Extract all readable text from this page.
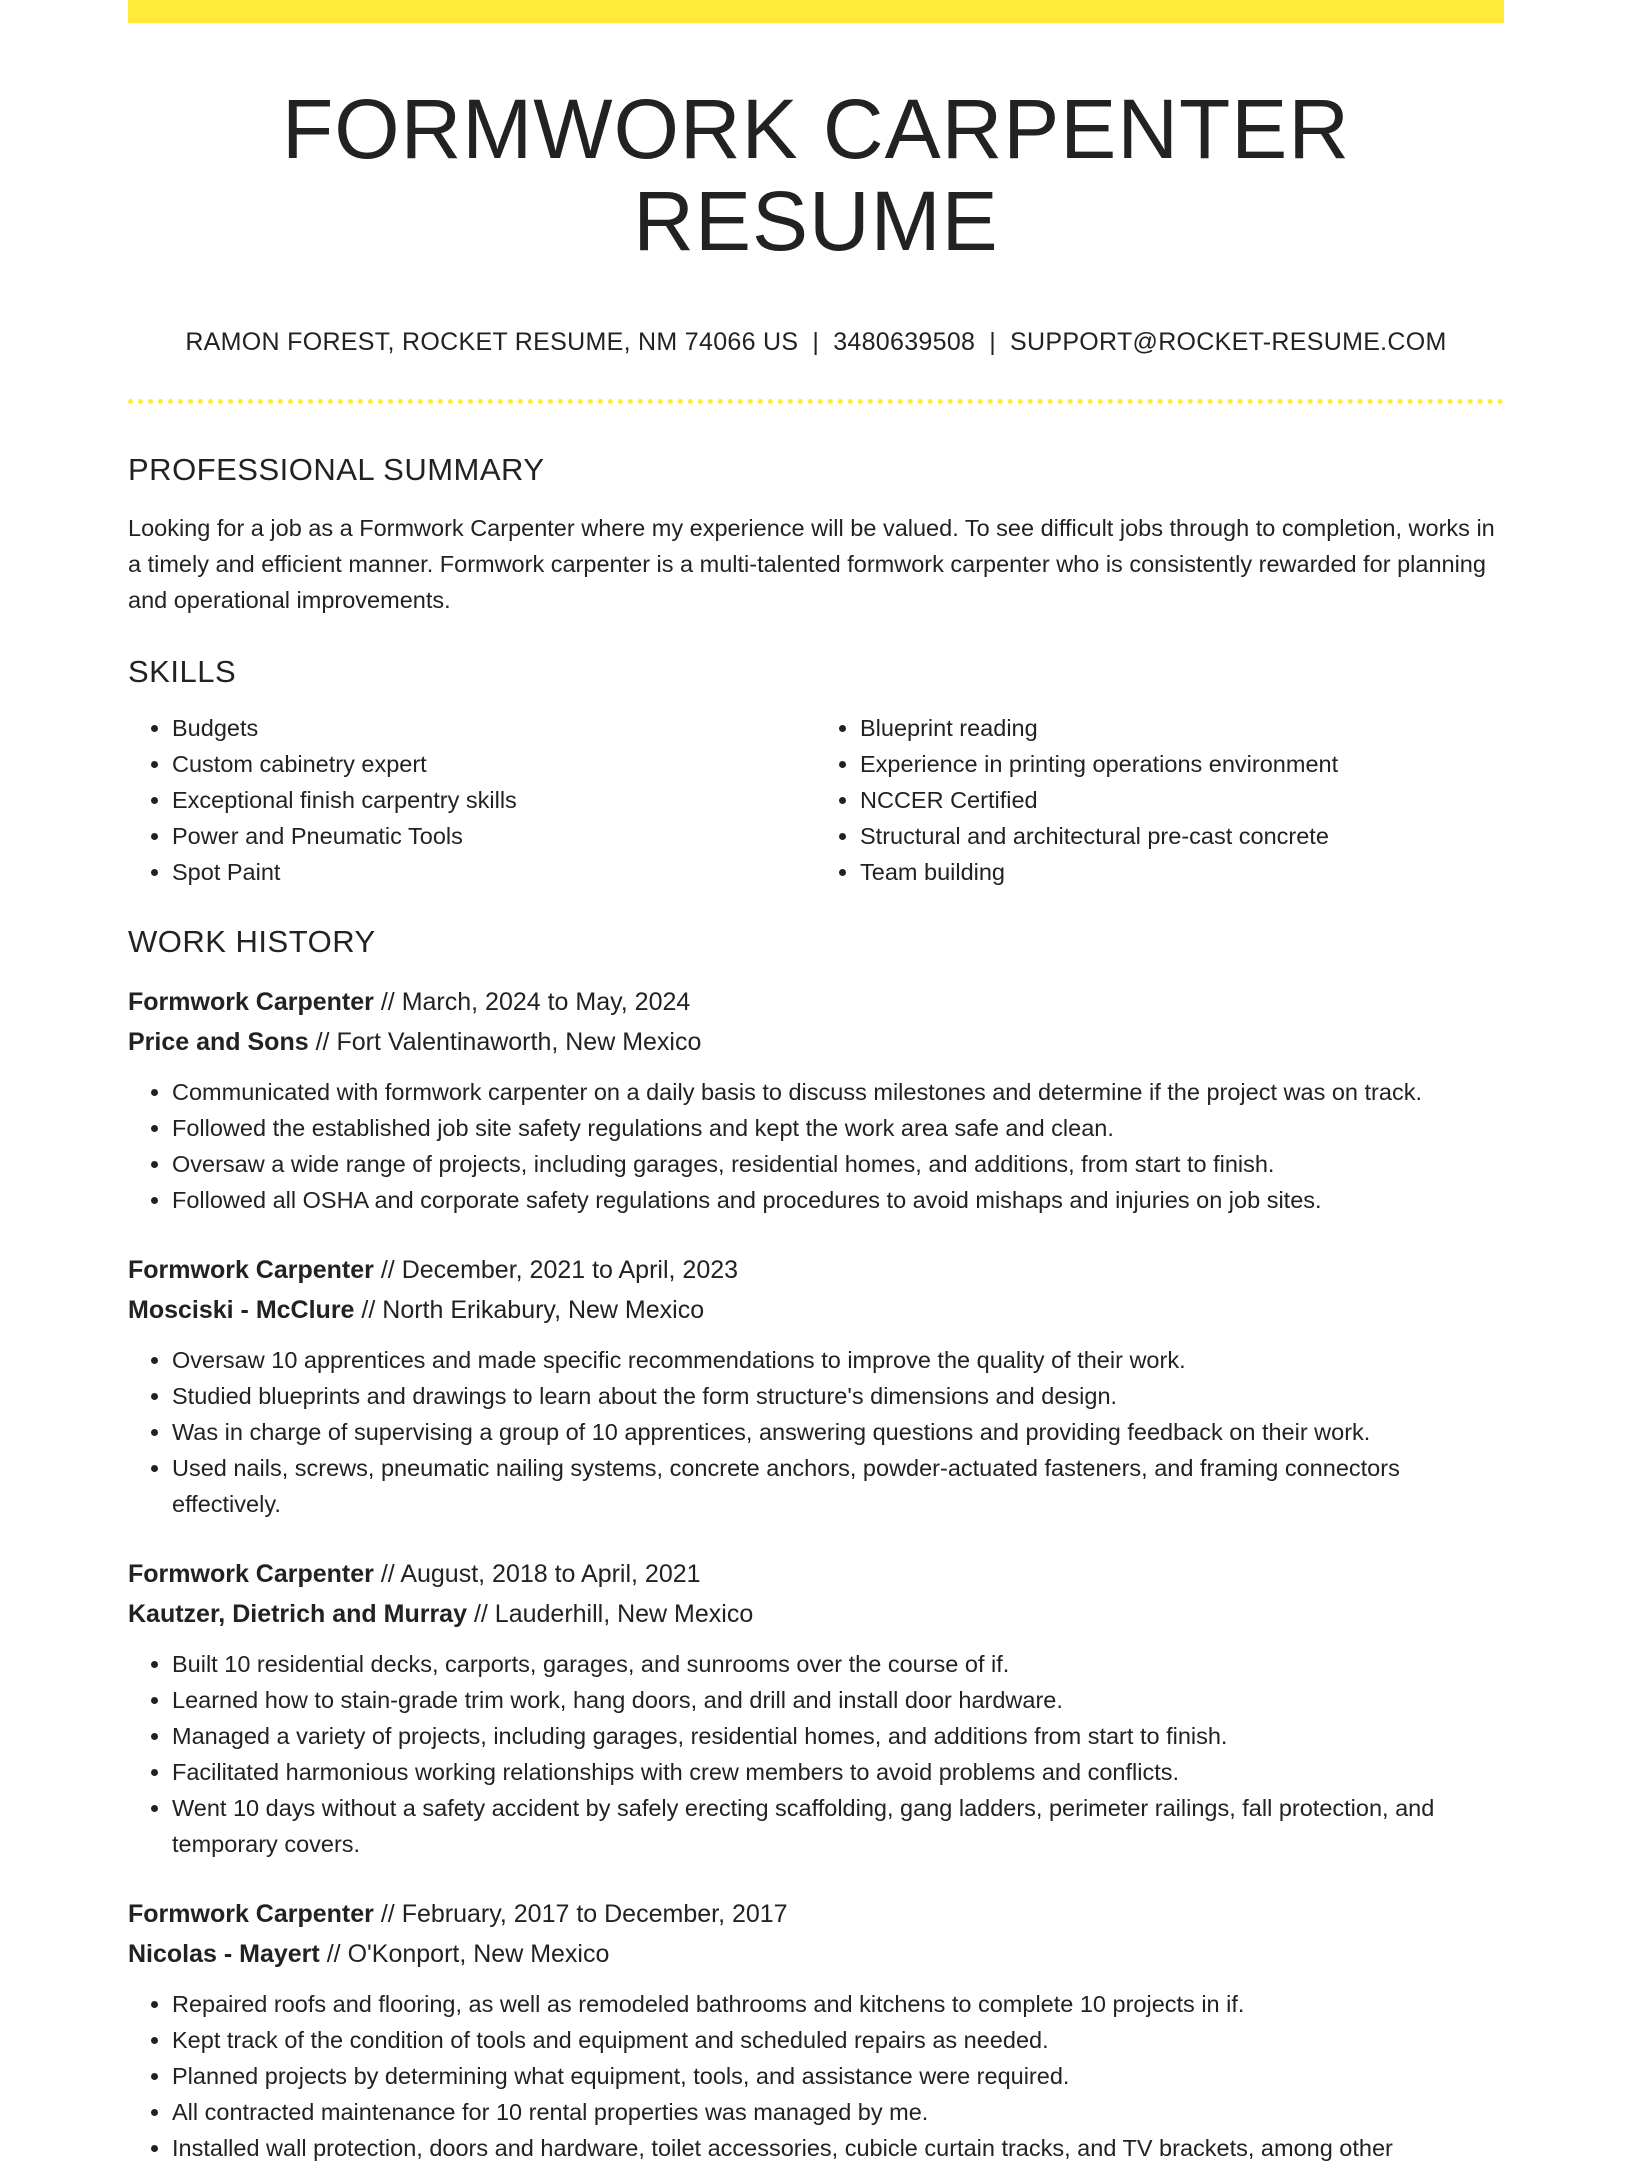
FORMWORK CARPENTER RESUME
RAMON FOREST, ROCKET RESUME, NM 74066 US | 3480639508 | SUPPORT@ROCKET-RESUME.COM
PROFESSIONAL SUMMARY

Looking for a job as a Formwork Carpenter where my experience will be valued. To see difficult jobs through to completion, works in a timely and efficient manner. Formwork carpenter is a multi-talented formwork carpenter who is consistently rewarded for planning and operational improvements.

SKILLS
• Budgets
• Custom cabinetry expert
• Exceptional finish carpentry skills
• Power and Pneumatic Tools
• Spot Paint
• Blueprint reading
• Experience in printing operations environment
• NCCER Certified
• Structural and architectural pre-cast concrete
• Team building
WORK HISTORY
Formwork Carpenter // March, 2024 to May, 2024
Price and Sons // Fort Valentinaworth, New Mexico
• Communicated with formwork carpenter on a daily basis to discuss milestones and determine if the project was on track.
• Followed the established job site safety regulations and kept the work area safe and clean.
• Oversaw a wide range of projects, including garages, residential homes, and additions, from start to finish.
• Followed all OSHA and corporate safety regulations and procedures to avoid mishaps and injuries on job sites.
Formwork Carpenter // December, 2021 to April, 2023
Mosciski - McClure // North Erikabury, New Mexico
• Oversaw 10 apprentices and made specific recommendations to improve the quality of their work.
• Studied blueprints and drawings to learn about the form structure's dimensions and design.
• Was in charge of supervising a group of 10 apprentices, answering questions and providing feedback on their work.
• Used nails, screws, pneumatic nailing systems, concrete anchors, powder-actuated fasteners, and framing connectors effectively.
Formwork Carpenter // August, 2018 to April, 2021
Kautzer, Dietrich and Murray // Lauderhill, New Mexico
• Built 10 residential decks, carports, garages, and sunrooms over the course of if.
• Learned how to stain-grade trim work, hang doors, and drill and install door hardware.
• Managed a variety of projects, including garages, residential homes, and additions from start to finish.
• Facilitated harmonious working relationships with crew members to avoid problems and conflicts.
• Went 10 days without a safety accident by safely erecting scaffolding, gang ladders, perimeter railings, fall protection, and temporary covers.
Formwork Carpenter // February, 2017 to December, 2017
Nicolas - Mayert // O'Konport, New Mexico
• Repaired roofs and flooring, as well as remodeled bathrooms and kitchens to complete 10 projects in if.
• Kept track of the condition of tools and equipment and scheduled repairs as needed.
• Planned projects by determining what equipment, tools, and assistance were required.
• All contracted maintenance for 10 rental properties was managed by me.
• Installed wall protection, doors and hardware, toilet accessories, cubicle curtain tracks, and TV brackets, among other
